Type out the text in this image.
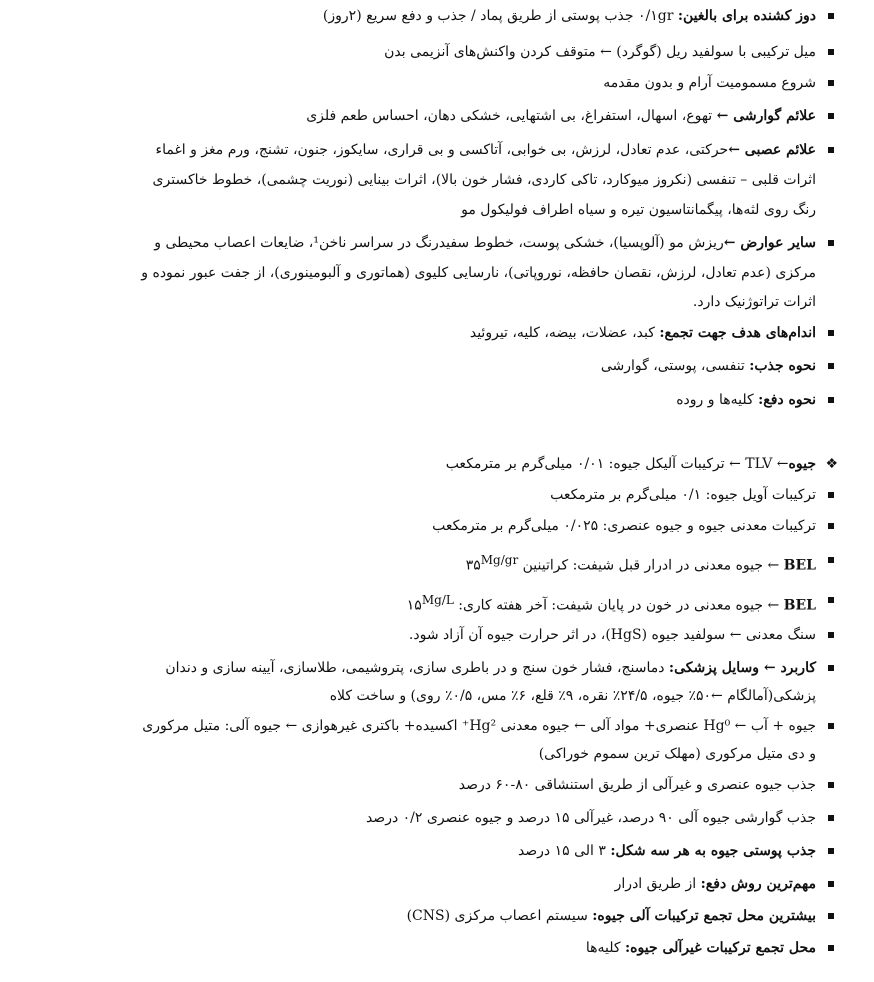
دوز کشنده برای بالغین: ۰/۱gr جذب پوستی از طریق پماد / جذب و دفع سریع (۲روز)
میل ترکیبی با سولفید ریل (گوگرد) ← متوقف کردن واکنش‌های آنزیمی بدن
شروع مسمومیت آرام و بدون مقدمه
علائم گوارشی ← تهوع، اسهال، استفراغ، بی اشتهایی، خشکی دهان، احساس طعم فلزی
علائم عصبی ←حرکتی، عدم تعادل، لرزش، بی خوابی، آتاکسی و بی قراری، سایکوز، جنون، تشنج، ورم مغز و اغماء
اثرات قلبی – تنفسی (نکروز میوکارد، تاکی کاردی، فشار خون بالا)، اثرات بینایی (نوریت چشمی)، خطوط خاکستری
رنگ روی لثه‌ها، پیگمانتاسیون تیره و سیاه اطراف فولیکول مو
سایر عوارض ←ریزش مو (آلوپسیا)، خشکی پوست، خطوط سفیدرنگ در سراسر ناخن¹، ضایعات اعصاب محیطی و
مرکزی (عدم تعادل، لرزش، نقصان حافظه، نوروپاتی)، نارسایی کلیوی (هماتوری و آلبومینوری)، از جفت عبور نموده و
اثرات تراتوژنیک دارد.
اندام‌های هدف جهت تجمع: کبد، عضلات، بیضه، کلیه، تیروئید
نحوه جذب: تنفسی، پوستی، گوارشی
نحوه دفع: کلیه‌ها و روده
❖
جیوه← TLV ← ترکیبات آلیکل جیوه: ۰/۰۱ میلی‌گرم بر مترمکعب
ترکیبات آویل جیوه: ۰/۱ میلی‌گرم بر مترمکعب
ترکیبات معدنی جیوه و جیوه عنصری: ۰/۰۲۵ میلی‌گرم بر مترمکعب
BEL ← جیوه معدنی در ادرار قبل شیفت: کراتینین $۳۵^{Mg/gr}$
BEL ← جیوه معدنی در خون در پایان شیفت: آخر هفته کاری: $۱۵^{Mg/L}$
سنگ معدنی ← سولفید جیوه (HgS)، در اثر حرارت جیوه آن آزاد شود.
کاربرد ← وسایل پزشکی: دماسنج، فشار خون سنج و در باطری سازی، پتروشیمی، طلاسازی، آیینه سازی و دندان
پزشکی(آمالگام ←۵۰٪ جیوه، ۲۴/۵٪ نقره، ۹٪ قلع، ۶٪ مس، ۰/۵٪ روی) و ساخت کلاه
جیوه + آب ← Hg⁰ عنصری+ مواد آلی ← جیوه معدنی Hg²⁺ اکسیده+ باکتری غیرهوازی ← جیوه آلی: متیل مرکوری
و دی متیل مرکوری (مهلک ترین سموم خوراکی)
جذب جیوه عنصری و غیرآلی از طریق استنشاقی ۸۰-۶۰ درصد
جذب گوارشی جیوه آلی ۹۰ درصد، غیرآلی ۱۵ درصد و جیوه عنصری ۰/۲ درصد
جذب پوستی جیوه به هر سه شکل: ۳ الی ۱۵ درصد
مهم‌ترین روش دفع: از طریق ادرار
بیشترین محل تجمع ترکیبات آلی جیوه: سیستم اعصاب مرکزی (CNS)
محل تجمع ترکیبات غیرآلی جیوه: کلیه‌ها
